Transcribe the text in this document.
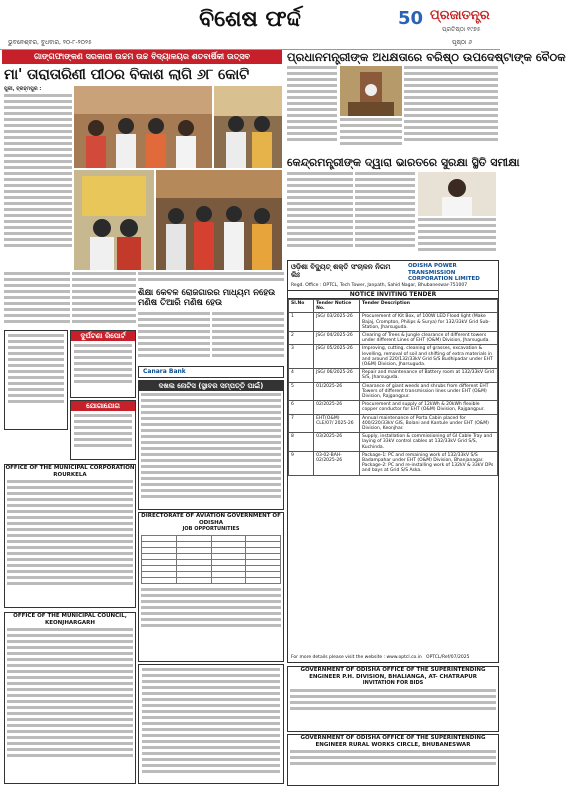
ବିଶେଷ ଫର୍ଦ୍ଦ	50 ପ୍ରଜାତନ୍ତ୍ର
ପ୍ରତିଷ୍ଠା ୧୯୭୫
ଭୁବନେଶ୍ବର, ବୁଧବାର, ୨୦-୮-୨୦୨୫	ପୃଷ୍ଠା ୬
ଗାଙ୍ଗଫାଙ୍କଣ ସରକାରୀ ଉଚ୍ଚମ ଉଚ୍ଚ ବିଦ୍ୟାଳୟର ଶତବାର୍ଷିକୀ ଉତ୍ସବ
ମା' ତାରାତାରିଣୀ ପୀଠର ବିକାଶ ଲାଗି ୬୮ କୋଟି

ପୁରୀ, ବ୍ରହ୍ମପୁର :

ଶିକ୍ଷା କେବଳ ରୋଜଗାରର ମାଧ୍ୟମ ନହେଉ ମଣିଷ ତିଆରି ମଣିଷ ହେଉ
ପ୍ରଧାନମନ୍ତ୍ରୀଙ୍କ ଅଧକ୍ଷତାରେ ବରିଷ୍ଠ ଉପଦେଷ୍ଟାଙ୍କ ବୈଠକ
କେନ୍ଦ୍ରମନ୍ତ୍ରୀଙ୍କ ଦ୍ୱାରା ଭାରତରେ ସୁରକ୍ଷା ସ୍ଥିତି ସମୀକ୍ଷା
ଦୁର୍ଘଟଣା ରିପୋର୍ଟ
ଯୋଗାଯୋଗ
Canara Bank
ଦଖଲ ନୋଟିସ (ସ୍ଥାବର ସମ୍ପତ୍ତି ପାଇଁ)
OFFICE OF THE MUNICIPAL CORPORATION ROURKELA
DIRECTORATE OF AVIATION GOVERNMENT OF ODISHA
JOB OPPORTUNITIES

OFFICE OF THE MUNICIPAL COUNCIL, KEONJHARGARH
ଓଡ଼ିଶା ବିଦ୍ୟୁତ୍ ଶକ୍ତି ସଂଚାଳନ ନିଗମ ଲିଃ
ODISHA POWER TRANSMISSION CORPORATION LIMITED
Regd. Office : OPTCL, Tech Tower, Janpath, Sahid Nagar, Bhubaneswar-751007
NOTICE INVITING TENDER
Sl.No	Tender Notice No.	Tender Description
1	JSG/ 03/2025-26	Procurement of Kit Box, of 100W LED Flood light (Make Bajaj, Crompton, Philips & Surya) for 132/33kV Grid Sub-Station, Jharsuguda.
2	JSG/ 04/2025-26	Clearing of Trees & Jungle clearance of different towers under different Lines of EHT (O&M) Division, Jharsuguda.
3	JSG/ 05/2025-26	Improving, cutting, cleaning of grasses, excavation & levelling, removal of soil and shifting of extra materials in and around 220/132/33kV Grid S/S Budhipadar under EHT (O&M) Division, Jharsuguda.
4	JSG/ 06/2025-26	Repair and maintenance of Battery room at 132/33kV Grid S/S, Jharsuguda.
5	01/2025-26	Clearance of giant weeds and shrubs from different EHT Towers of different transmission lines under EHT (O&M) Division, Rajgangpur.
6	02/2025-26	Procurement and supply of 12kWh & 20kWh flexible copper conductor for EHT (O&M) Division, Rajgangpur.
7	EHT(O&M) CLE/07/ 2025-26	Annual maintenance of Porta Cabin placed for 400/220/33kV GIS, Bolani and Kantule under EHT (O&M) Division, Keonjhar.
8	03/2025-26	Supply, installation & commissioning of GI Cable Tray and laying of 33kV control cables at 132/33kV Grid S/S, Kuchinda.
9	03-02-BAH-02/2025-26	Package-1: PC and remaining work of 132/33kV S/S Badampahar under EHT (O&M) Division, Bhanjanagar. Package-2: PC and re-installing work of 132kV & 33kV DPs and bays at Grid S/S Aska.
For more details please visit the website : www.optcl.co.in OPTCL/Ref/07/2025
GOVERNMENT OF ODISHA OFFICE OF THE SUPERINTENDING ENGINEER P.H. DIVISION, BHALIANGA, AT- CHATRAPUR
INVITATION FOR BIDS
GOVERNMENT OF ODISHA OFFICE OF THE SUPERINTENDING ENGINEER RURAL WORKS CIRCLE, BHUBANESWAR
